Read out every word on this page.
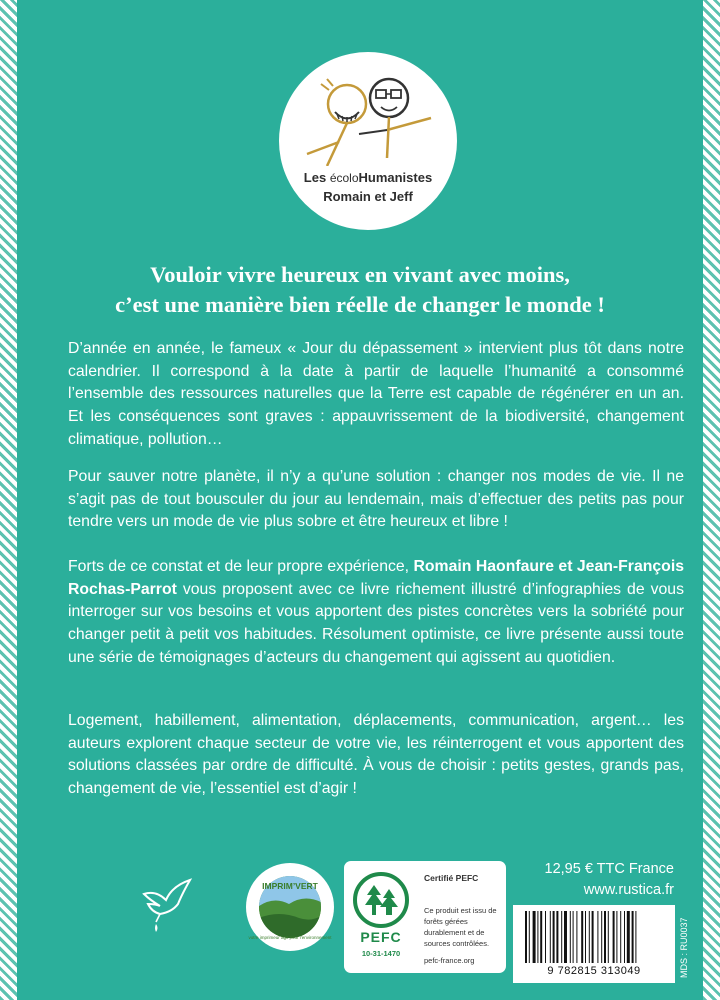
Les écoloHumanistes
Romain et Jeff
Vouloir vivre heureux en vivant avec moins,
c’est une manière bien réelle de changer le monde !

D’année en année, le fameux « Jour du dépassement » intervient plus tôt dans notre calendrier. Il correspond à la date à partir de laquelle l’humanité a consommé l’ensemble des ressources naturelles que la Terre est capable de régénérer en un an. Et les conséquences sont graves : appauvrissement de la biodiversité, changement climatique, pollution…

Pour sauver notre planète, il n’y a qu’une solution : changer nos modes de vie. Il ne s’agit pas de tout bousculer du jour au lendemain, mais d’effectuer des petits pas pour tendre vers un mode de vie plus sobre et être heureux et libre !

Forts de ce constat et de leur propre expérience, Romain Haonfaure et Jean-François Rochas-Parrot vous proposent avec ce livre richement illustré d’infographies de vous interroger sur vos besoins et vous apportent des pistes concrètes vers la sobriété pour changer petit à petit vos habitudes. Résolument optimiste, ce livre présente aussi toute une série de témoignages d’acteurs du changement qui agissent au quotidien.

Logement, habillement, alimentation, déplacements, communication, argent… les auteurs explorent chaque secteur de votre vie, les réinterrogent et vous apportent des solutions classées par ordre de difficulté. À vous de choisir : petits gestes, grands pas, changement de vie, l’essentiel est d’agir !

IMPRIM’VERT
votre imprimeur agit pour l’environnement	PEFC
10-31-1470
Certifié PEFC
Ce produit est issu de forêts gérées durablement et de sources contrôlées.
pefc-france.org
12,95 € TTC France
www.rustica.fr
9 782815 313049	MDS : RU0037
